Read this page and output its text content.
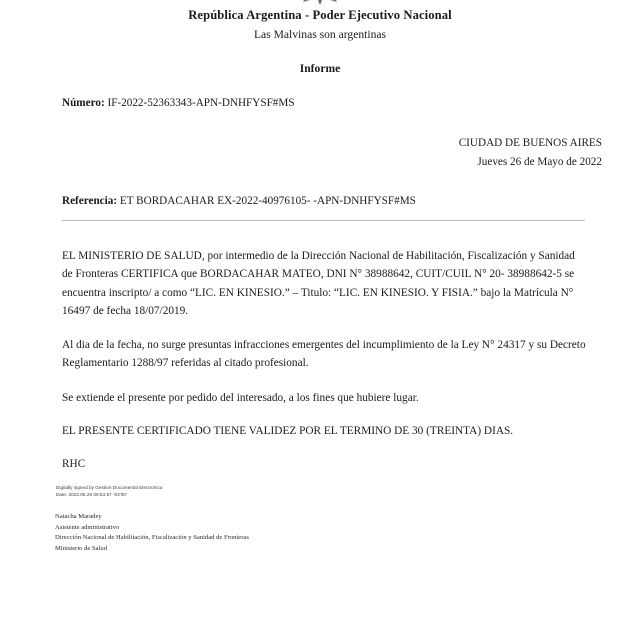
República Argentina - Poder Ejecutivo Nacional
Las Malvinas son argentinas
Informe
Número: IF-2022-52363343-APN-DNHFYSF#MS
CIUDAD DE BUENOS AIRES
Jueves 26 de Mayo de 2022
Referencia: ET BORDACAHAR EX-2022-40976105- -APN-DNHFYSF#MS

EL MINISTERIO DE SALUD, por intermedio de la Dirección Nacional de Habilitación, Fiscalización y Sanidad de Fronteras CERTIFICA que BORDACAHAR MATEO, DNI N° 38988642, CUIT/CUIL N° 20- 38988642-5 se encuentra inscripto/ a como “LIC. EN KINESIO.” – Titulo: “LIC. EN KINESIO. Y FISIA.” bajo la Matrícula N° 16497 de fecha 18/07/2019.

Al dia de la fecha, no surge presuntas infracciones emergentes del incumplimiento de la Ley N° 24317 y su Decreto Reglamentario 1288/97 referidas al citado profesional.

Se extiende el presente por pedido del interesado, a los fines que hubiere lugar.

EL PRESENTE CERTIFICADO TIENE VALIDEZ POR EL TERMINO DE 30 (TREINTA) DIAS.

RHC

Digitally signed by Gestion Documental Electronica
Date: 2022.05.26 09:53:57 -03'00'
Natacha Maradey
Asistente administrativo
Dirección Nacional de Habilitación, Fiscalización y Sanidad de Fronteras
Ministerio de Salud
